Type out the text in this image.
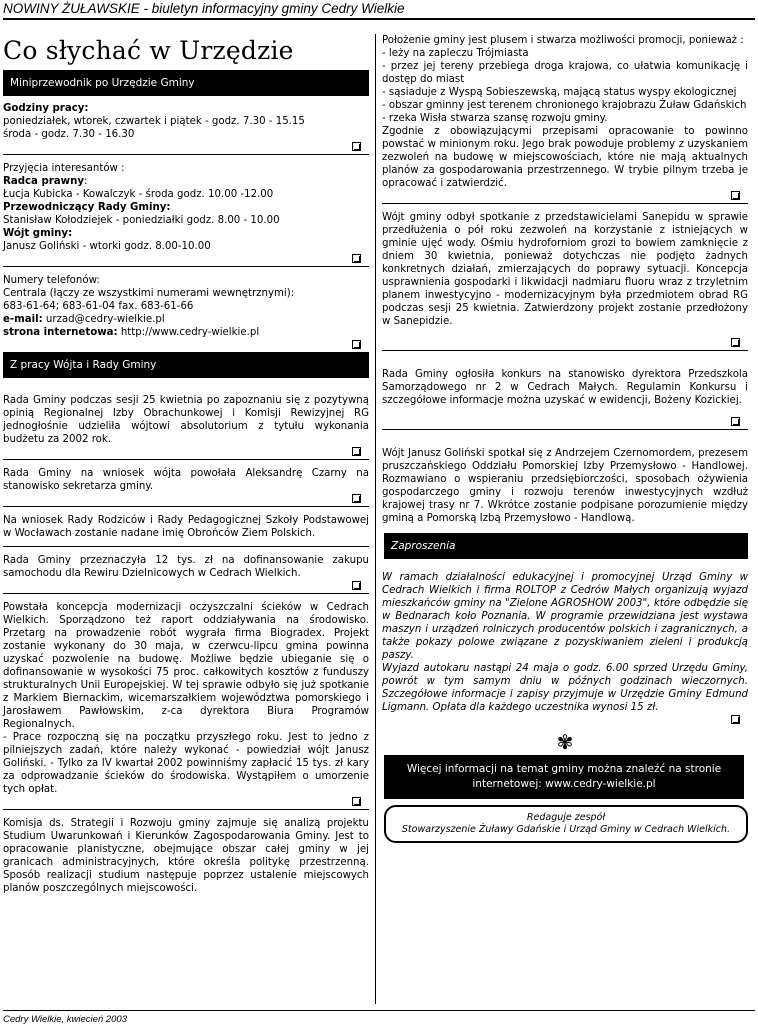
NOWINY ŻUŁAWSKIE - biuletyn informacyjny gminy Cedry Wielkie
Co słychać w Urzędzie
Miniprzewodnik po Urzędzie Gminy

Godziny pracy:

poniedziałek, wtorek, czwartek i piątek - godz. 7.30 - 15.15

środa - godz. 7.30 - 16.30

Przyjęcia interesantów :

Radca prawny:

Łucja Kubicka - Kowalczyk - środa godz. 10.00 -12.00

Przewodniczący Rady Gminy:

Stanisław Kołodziejek - poniedziałki godz. 8.00 - 10.00

Wójt gminy:

Janusz Goliński - wtorki godz. 8.00-10.00

Numery telefonów:

Centrala (łączy ze wszystkimi numerami wewnętrznymi):

683-61-64; 683-61-04 fax. 683-61-66

e-mail: urzad@cedry-wielkie.pl

strona internetowa: http://www.cedry-wielkie.pl

Z pracy Wójta i Rady Gminy

Rada Gminy podczas sesji 25 kwietnia po zapoznaniu się z pozytywną opinią Regionalnej Izby Obrachunkowej i Komisji Rewizyjnej RG jednogłośnie udzieliła wójtowi absolutorium z tytułu wykonania budżetu za 2002 rok.

Rada Gminy na wniosek wójta powołała Aleksandrę Czarny na stanowisko sekretarza gminy.

Na wniosek Rady Rodziców i Rady Pedagogicznej Szkoły Podstawowej w Wocławach zostanie nadane imię Obrońców Ziem Polskich.

Rada Gminy przeznaczyła 12 tys. zł na dofinansowanie zakupu samochodu dla Rewiru Dzielnicowych w Cedrach Wielkich.

Powstała koncepcja modernizacji oczyszczalni ścieków w Cedrach Wielkich. Sporządzono też raport oddziaływania na środowisko. Przetarg na prowadzenie robót wygrała firma Biogradex. Projekt zostanie wykonany do 30 maja, w czerwcu-lipcu gmina powinna uzyskać pozwolenie na budowę. Możliwe będzie ubieganie się o dofinansowanie w wysokości 75 proc. całkowitych kosztów z funduszy strukturalnych Unii Europejskiej. W tej sprawie odbyło się już spotkanie z Markiem Biernackim, wicemarszałkiem województwa pomorskiego i Jarosławem Pawłowskim, z-ca dyrektora Biura Programów Regionalnych.

- Prace rozpoczną się na początku przyszłego roku. Jest to jedno z pilniejszych zadań, które należy wykonać - powiedział wójt Janusz Goliński. - Tylko za IV kwartał 2002 powinniśmy zapłacić 15 tys. zł kary za odprowadzanie ścieków do środowiska. Wystąpiłem o umorzenie tych opłat.

Komisja ds. Strategii i Rozwoju gminy zajmuje się analizą projektu Studium Uwarunkowań i Kierunków Zagospodarowania Gminy. Jest to opracowanie planistyczne, obejmujące obszar całej gminy w jej granicach administracyjnych, które określa politykę przestrzenną. Sposób realizacji studium następuje poprzez ustalenie miejscowych planów poszczególnych miejscowości.

Położenie gminy jest plusem i stwarza możliwości promocji, ponieważ :

- leży na zapleczu Trójmiasta

- przez jej tereny przebiega droga krajowa, co ułatwia komunikację i dostęp do miast

- sąsiaduje z Wyspą Sobieszewską, mającą status wyspy ekologicznej

- obszar gminny jest terenem chronionego krajobrazu Żuław Gdańskich

- rzeka Wisła stwarza szansę rozwoju gminy.

Zgodnie z obowiązującymi przepisami opracowanie to powinno powstać w minionym roku. Jego brak powoduje problemy z uzyskaniem zezwoleń na budowę w miejscowościach, które nie mają aktualnych planów za gospodarowania przestrzennego. W trybie pilnym trzeba je opracować i zatwierdzić.

Wójt gminy odbył spotkanie z przedstawicielami Sanepidu w sprawie przedłużenia o pół roku zezwoleń na korzystanie z istniejących w gminie ujęć wody. Ośmiu hydroforniom grozi to bowiem zamknięcie z dniem 30 kwietnia, ponieważ dotychczas nie podjęto żadnych konkretnych działań, zmierzających do poprawy sytuacji. Koncepcja usprawnienia gospodarki i likwidacji nadmiaru fluoru wraz z trzyletnim planem inwestycyjno - modernizacyjnym była przedmiotem obrad RG podczas sesji 25 kwietnia. Zatwierdzony projekt zostanie przedłożony w Sanepidzie.

Rada Gminy ogłosiła konkurs na stanowisko dyrektora Przedszkola Samorządowego nr 2 w Cedrach Małych. Regulamin Konkursu i szczegółowe informacje można uzyskać w ewidencji, Bożeny Kozickiej.

Wójt Janusz Goliński spotkał się z Andrzejem Czernomordem, prezesem pruszczańskiego Oddziału Pomorskiej Izby Przemysłowo - Handlowej. Rozmawiano o wspieraniu przedsiębiorczości, sposobach ożywienia gospodarczego gminy i rozwoju terenów inwestycyjnych wzdłuż krajowej trasy nr 7. Wkrótce zostanie podpisane porozumienie między gminą a Pomorską Izbą Przemysłowo - Handlową.

Zaproszenia

W ramach działalności edukacyjnej i promocyjnej Urząd Gminy w Cedrach Wielkich i firma ROLTOP z Cedrów Małych organizują wyjazd mieszkańców gminy na "Zielone AGROSHOW 2003", które odbędzie się w Bednarach koło Poznania. W programie przewidziana jest wystawa maszyn i urządzeń rolniczych producentów polskich i zagranicznych, a także pokazy polowe związane z pozyskiwaniem zieleni i produkcją paszy.

Wyjazd autokaru nastąpi 24 maja o godz. 6.00 sprzed Urzędu Gminy, powrót w tym samym dniu w późnych godzinach wieczornych. Szczegółowe informacje i zapisy przyjmuje w Urzędzie Gminy Edmund Ligmann. Opłata dla każdego uczestnika wynosi 15 zł.

✾
Więcej informacji na temat gminy można znaleźć na stronie internetowej: www.cedry-wielkie.pl
Redaguje zespół
Stowarzyszenie Żuławy Gdańskie i Urząd Gminy w Cedrach Wielkich.
Cedry Wielkie, kwiecień 2003
